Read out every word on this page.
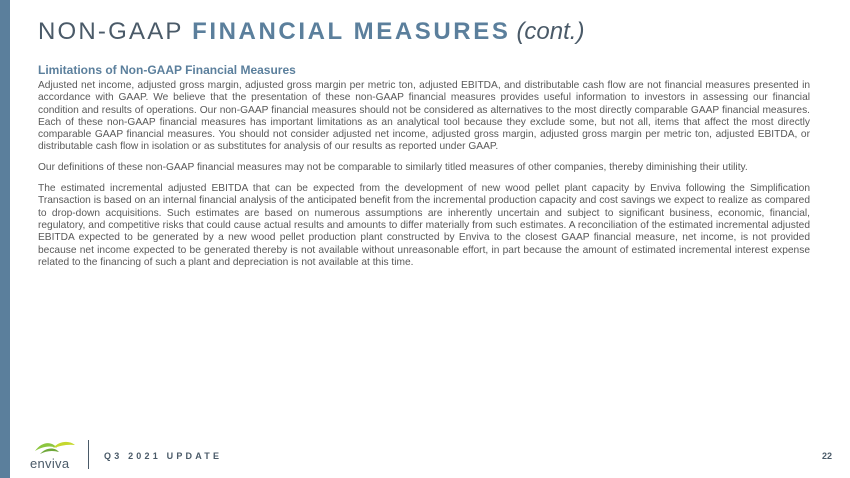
NON-GAAP FINANCIAL MEASURES (cont.)
Limitations of Non-GAAP Financial Measures

Adjusted net income, adjusted gross margin, adjusted gross margin per metric ton, adjusted EBITDA, and distributable cash flow are not financial measures presented in accordance with GAAP. We believe that the presentation of these non-GAAP financial measures provides useful information to investors in assessing our financial condition and results of operations. Our non-GAAP financial measures should not be considered as alternatives to the most directly comparable GAAP financial measures. Each of these non-GAAP financial measures has important limitations as an analytical tool because they exclude some, but not all, items that affect the most directly comparable GAAP financial measures. You should not consider adjusted net income, adjusted gross margin, adjusted gross margin per metric ton, adjusted EBITDA, or distributable cash flow in isolation or as substitutes for analysis of our results as reported under GAAP.

Our definitions of these non-GAAP financial measures may not be comparable to similarly titled measures of other companies, thereby diminishing their utility.

The estimated incremental adjusted EBITDA that can be expected from the development of new wood pellet plant capacity by Enviva following the Simplification Transaction is based on an internal financial analysis of the anticipated benefit from the incremental production capacity and cost savings we expect to realize as compared to drop-down acquisitions. Such estimates are based on numerous assumptions are inherently uncertain and subject to significant business, economic, financial, regulatory, and competitive risks that could cause actual results and amounts to differ materially from such estimates. A reconciliation of the estimated incremental adjusted EBITDA expected to be generated by a new wood pellet production plant constructed by Enviva to the closest GAAP financial measure, net income, is not provided because net income expected to be generated thereby is not available without unreasonable effort, in part because the amount of estimated incremental interest expense related to the financing of such a plant and depreciation is not available at this time.

enviva	Q3 2021 UPDATE	22
